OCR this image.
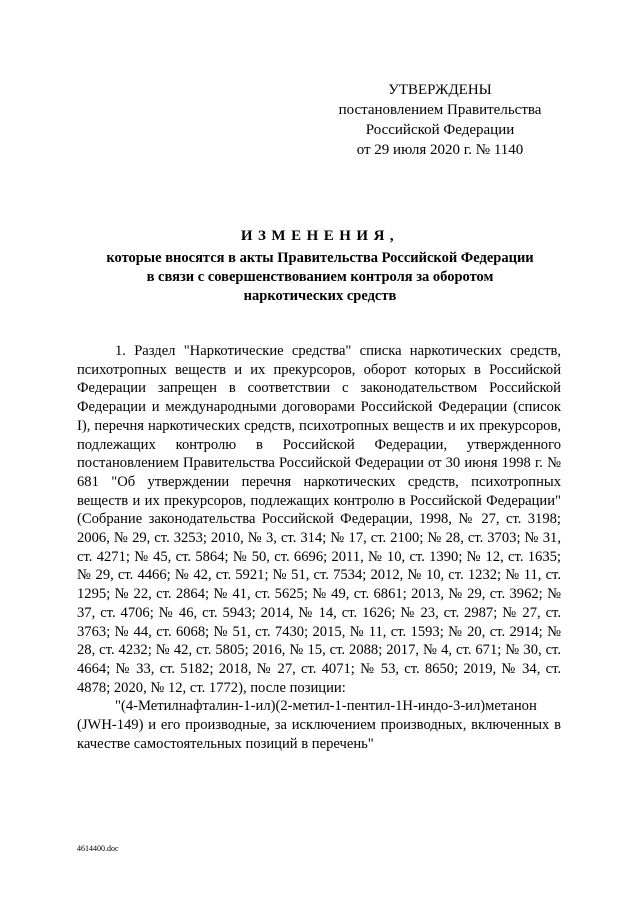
УТВЕРЖДЕНЫ
постановлением Правительства
Российской Федерации
от 29 июля 2020 г. № 1140
ИЗМЕНЕНИЯ,
которые вносятся в акты Правительства Российской Федерации
в связи с совершенствованием контроля за оборотом
наркотических средств

1. Раздел "Наркотические средства" списка наркотических средств, психотропных веществ и их прекурсоров, оборот которых в Российской Федерации запрещен в соответствии с законодательством Российской Федерации и международными договорами Российской Федерации (список I), перечня наркотических средств, психотропных веществ и их прекурсоров, подлежащих контролю в Российской Федерации, утвержденного постановлением Правительства Российской Федерации от 30 июня 1998 г. № 681 "Об утверждении перечня наркотических средств, психотропных веществ и их прекурсоров, подлежащих контролю в Российской Федерации" (Собрание законодательства Российской Федерации, 1998, № 27, ст. 3198; 2006, № 29, ст. 3253; 2010, № 3, ст. 314; № 17, ст. 2100; № 28, ст. 3703; № 31, ст. 4271; № 45, ст. 5864; № 50, ст. 6696; 2011, № 10, ст. 1390; № 12, ст. 1635; № 29, ст. 4466; № 42, ст. 5921; № 51, ст. 7534; 2012, № 10, ст. 1232; № 11, ст. 1295; № 22, ст. 2864; № 41, ст. 5625; № 49, ст. 6861; 2013, № 29, ст. 3962; № 37, ст. 4706; № 46, ст. 5943; 2014, № 14, ст. 1626; № 23, ст. 2987; № 27, ст. 3763; № 44, ст. 6068; № 51, ст. 7430; 2015, № 11, ст. 1593; № 20, ст. 2914; № 28, ст. 4232; № 42, ст. 5805; 2016, № 15, ст. 2088; 2017, № 4, ст. 671; № 30, ст. 4664; № 33, ст. 5182; 2018, № 27, ст. 4071; № 53, ст. 8650; 2019, № 34, ст. 4878; 2020, № 12, ст. 1772), после позиции:

"(4-Метилнафталин-1-ил)(2-метил-1-пентил-1Н-индо-3-ил)метанон (JWH-149) и его производные, за исключением производных, включенных в качестве самостоятельных позиций в перечень"

4614400.doc
